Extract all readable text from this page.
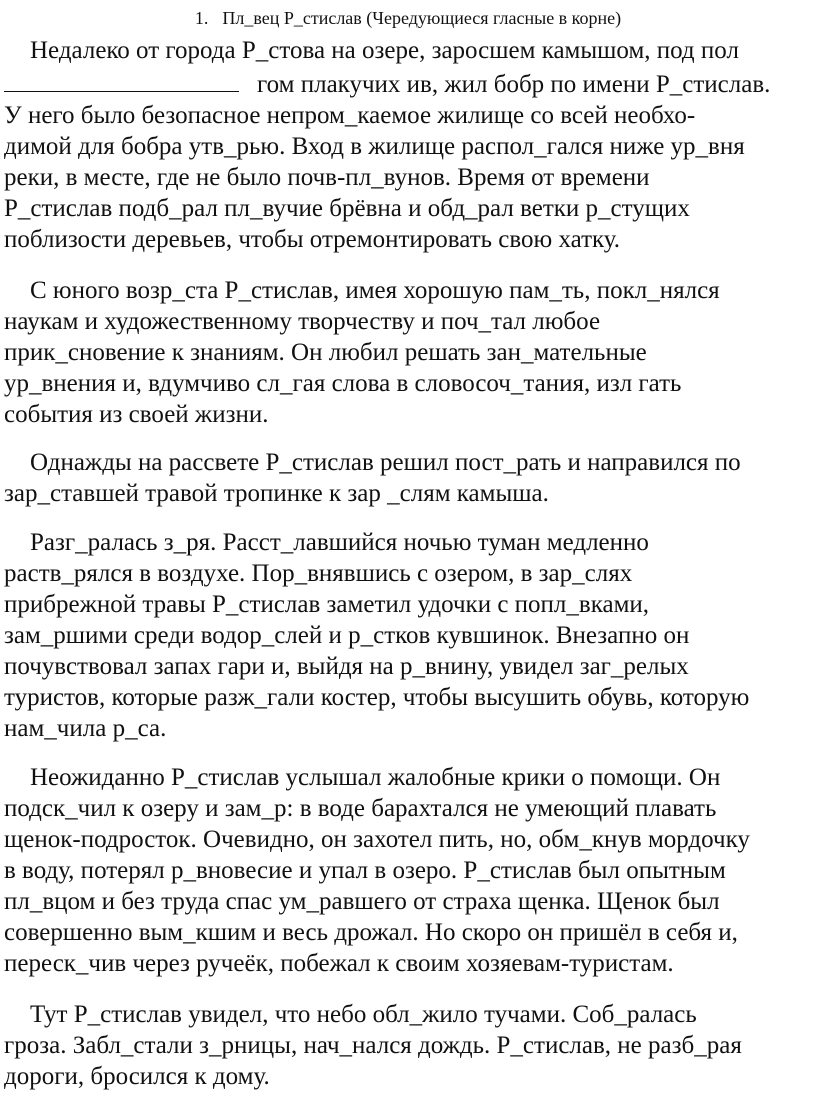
1. Пл_вец Р_стислав (Чередующиеся гласные в корне)
Недалеко от города Р_стова на озере, заросшем камышом, под пол
гом плакучих ив, жил бобр по имени Р_стислав.
У него было безопасное непром_каемое жилище со всей необхо-
димой для бобра утв_рью. Вход в жилище распол_гался ниже ур_вня
реки, в месте, где не было почв-пл_вунов. Время от времени
Р_стислав подб_рал пл_вучие брёвна и обд_рал ветки р_стущих
поблизости деревьев, чтобы отремонтировать свою хатку.
С юного возр_ста Р_стислав, имея хорошую пам_ть, покл_нялся
наукам и художественному творчеству и поч_тал любое
прик_сновение к знаниям. Он любил решать зан_мательные
ур_внения и, вдумчиво сл_гая слова в словосоч_тания, изл гать
события из своей жизни.
Однажды на рассвете Р_стислав решил пост_рать и направился по
зар_ставшей травой тропинке к зар _слям камыша.
Разг_ралась з_ря. Расст_лавшийся ночью туман медленно
раств_рялся в воздухе. Пор_внявшись с озером, в зар_слях
прибрежной травы Р_стислав заметил удочки с попл_вками,
зам_ршими среди водор_слей и р_стков кувшинок. Внезапно он
почувствовал запах гари и, выйдя на р_внину, увидел заг_релых
туристов, которые разж_гали костер, чтобы высушить обувь, которую
нам_чила р_са.
Неожиданно Р_стислав услышал жалобные крики о помощи. Он
подск_чил к озеру и зам_р: в воде барахтался не умеющий плавать
щенок-подросток. Очевидно, он захотел пить, но, обм_кнув мордочку
в воду, потерял р_вновесие и упал в озеро. Р_стислав был опытным
пл_вцом и без труда спас ум_равшего от страха щенка. Щенок был
совершенно вым_кшим и весь дрожал. Но скоро он пришёл в себя и,
переск_чив через ручеёк, побежал к своим хозяевам-туристам.
Тут Р_стислав увидел, что небо обл_жило тучами. Соб_ралась
гроза. Забл_стали з_рницы, нач_нался дождь. Р_стислав, не разб_рая
дороги, бросился к дому.
